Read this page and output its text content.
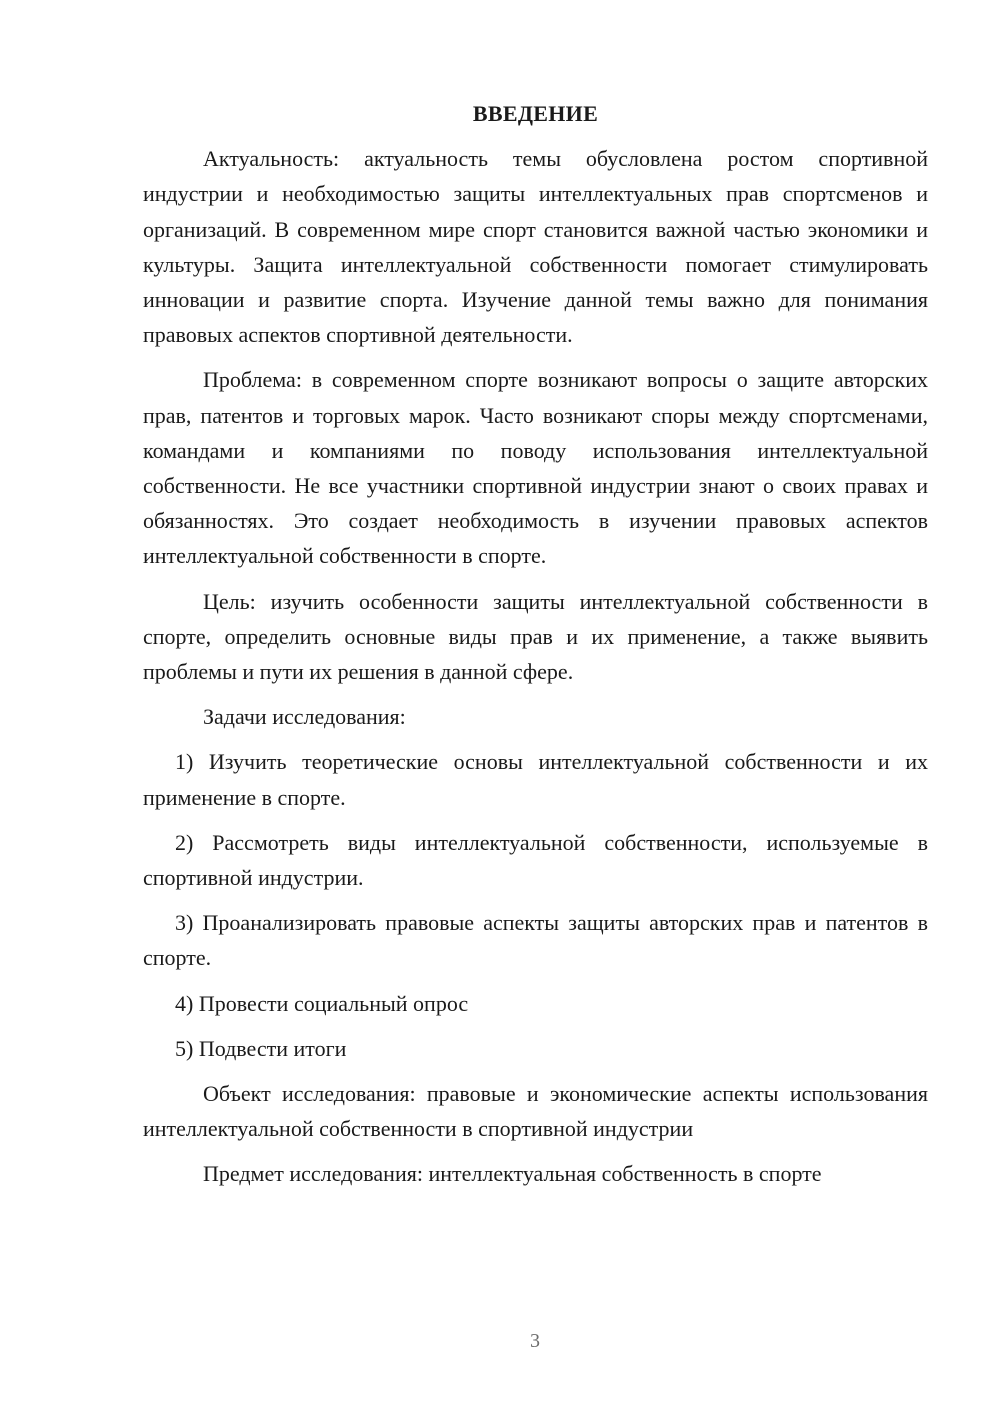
ВВЕДЕНИЕ

Актуальность: актуальность темы обусловлена ростом спортивной индустрии и необходимостью защиты интеллектуальных прав спортсменов и организаций. В современном мире спорт становится важной частью экономики и культуры. Защита интеллектуальной собственности помогает стимулировать инновации и развитие спорта. Изучение данной темы важно для понимания правовых аспектов спортивной деятельности.

Проблема: в современном спорте возникают вопросы о защите авторских прав, патентов и торговых марок. Часто возникают споры между спортсменами, командами и компаниями по поводу использования интеллектуальной собственности. Не все участники спортивной индустрии знают о своих правах и обязанностях. Это создает необходимость в изучении правовых аспектов интеллектуальной собственности в спорте.

Цель: изучить особенности защиты интеллектуальной собственности в спорте, определить основные виды прав и их применение, а также выявить проблемы и пути их решения в данной сфере.

Задачи исследования:

1) Изучить теоретические основы интеллектуальной собственности и их применение в спорте.

2) Рассмотреть виды интеллектуальной собственности, используемые в спортивной индустрии.

3) Проанализировать правовые аспекты защиты авторских прав и патентов в спорте.

4) Провести социальный опрос

5) Подвести итоги

Объект исследования: правовые и экономические аспекты использования интеллектуальной собственности в спортивной индустрии

Предмет исследования: интеллектуальная собственность в спорте

3
